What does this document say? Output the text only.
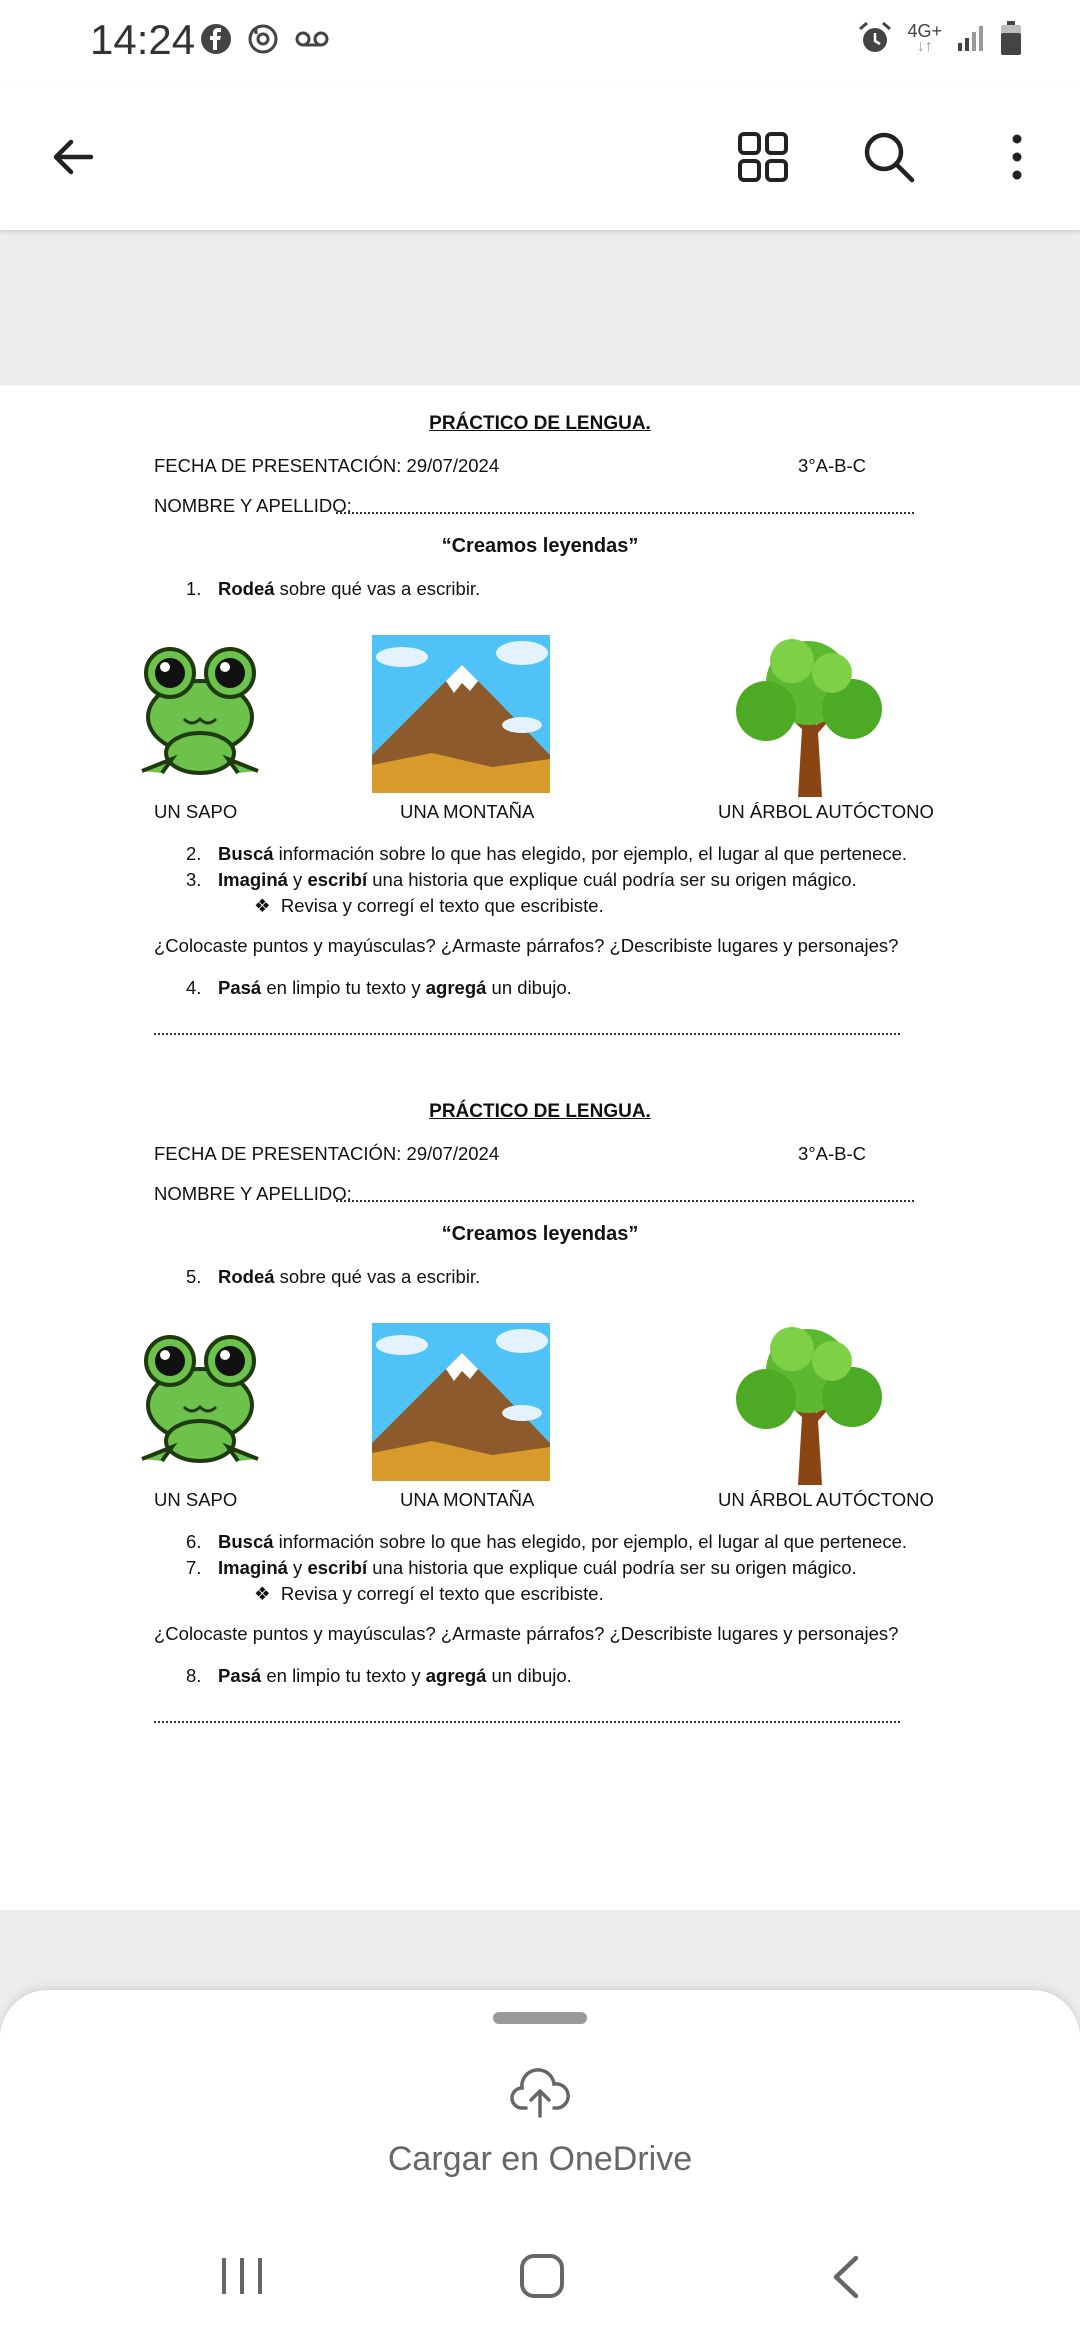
14:24	4G+
↓↑
PRÁCTICO DE LENGUA.
FECHA DE PRESENTACIÓN: 29/07/2024	3°A-B-C
NOMBRE Y APELLIDO:
“Creamos leyendas”
1. Rodeá sobre qué vas a escribir.
UN SAPO	UNA MONTAÑA	UN ÁRBOL AUTÓCTONO
2. Buscá información sobre lo que has elegido, por ejemplo, el lugar al que pertenece.
3. Imaginá y escribí una historia que explique cuál podría ser su origen mágico.
❖  Revisa y corregí el texto que escribiste.
¿Colocaste puntos y mayúsculas? ¿Armaste párrafos? ¿Describiste lugares y personajes?
4. Pasá en limpio tu texto y agregá un dibujo.
PRÁCTICO DE LENGUA.
FECHA DE PRESENTACIÓN: 29/07/2024	3°A-B-C
NOMBRE Y APELLIDO:
“Creamos leyendas”
5. Rodeá sobre qué vas a escribir.
UN SAPO	UNA MONTAÑA	UN ÁRBOL AUTÓCTONO
6. Buscá información sobre lo que has elegido, por ejemplo, el lugar al que pertenece.
7. Imaginá y escribí una historia que explique cuál podría ser su origen mágico.
❖  Revisa y corregí el texto que escribiste.
¿Colocaste puntos y mayúsculas? ¿Armaste párrafos? ¿Describiste lugares y personajes?
8. Pasá en limpio tu texto y agregá un dibujo.
Cargar en OneDrive
